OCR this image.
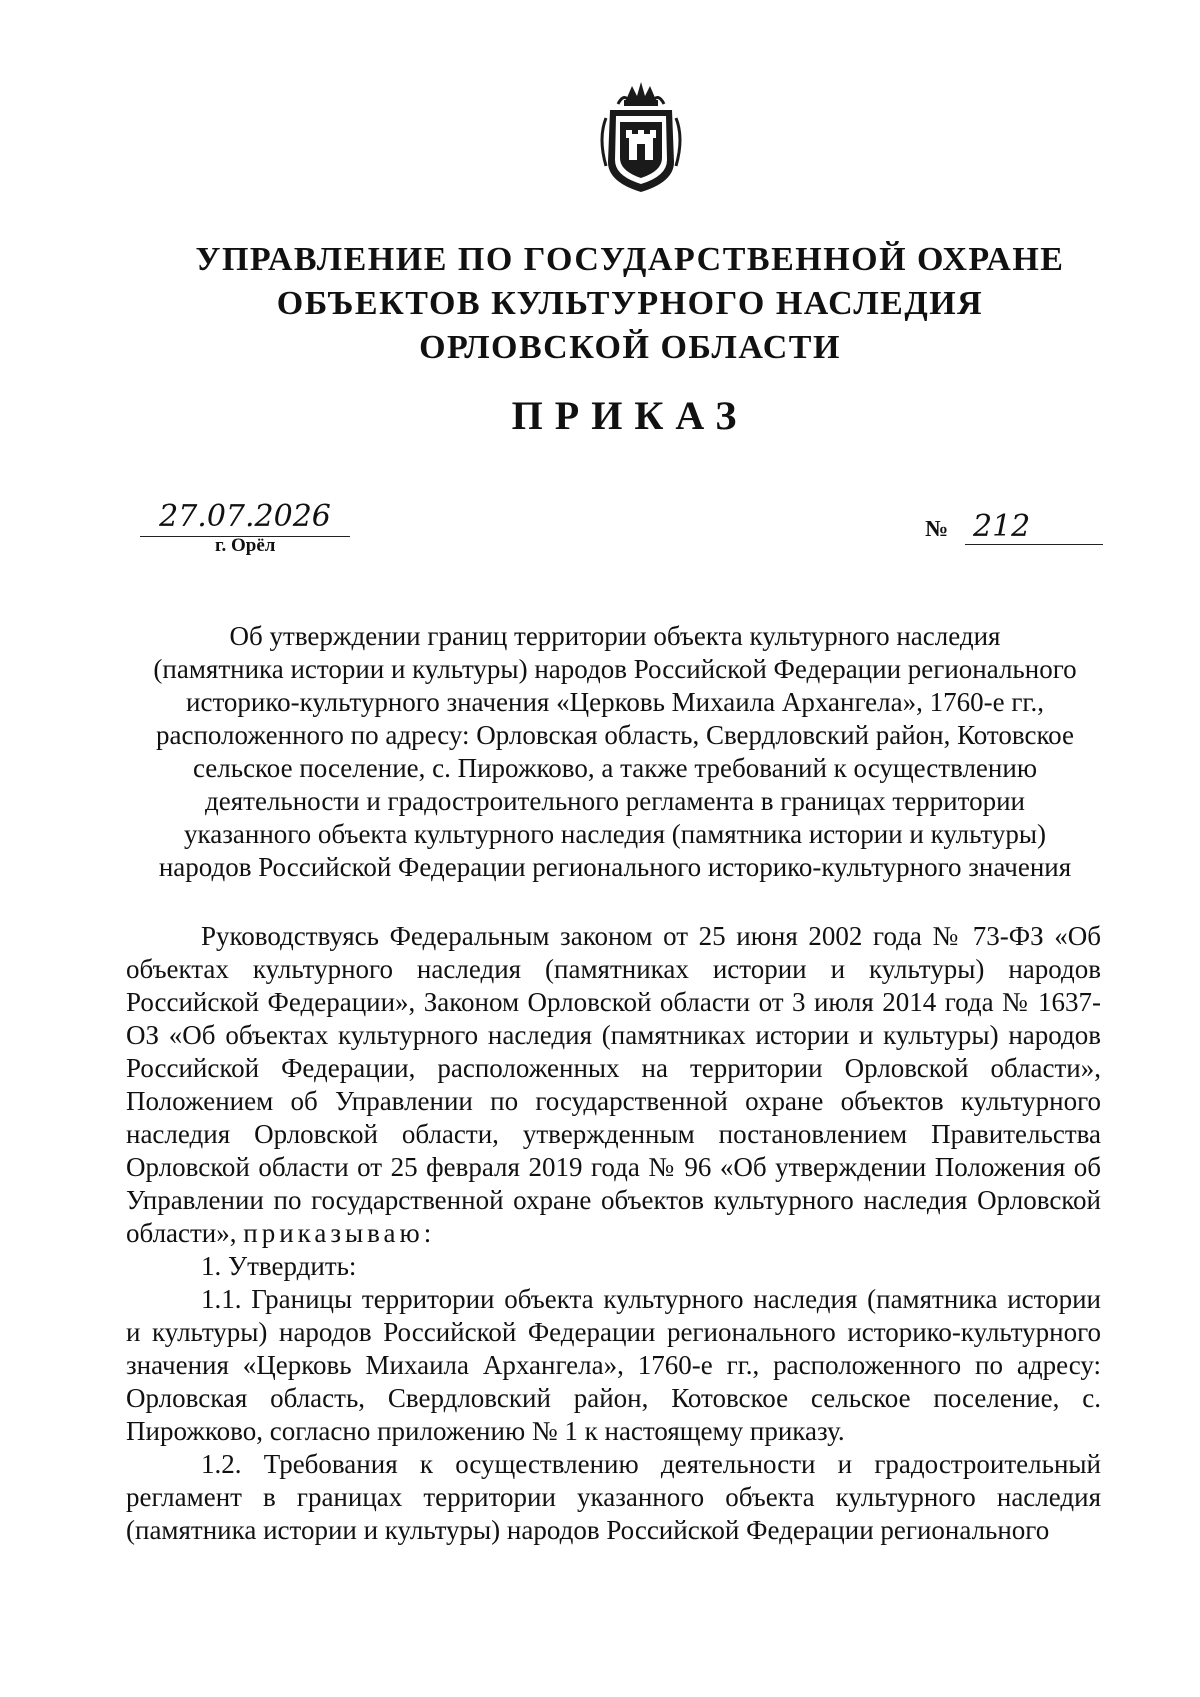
УПРАВЛЕНИЕ ПО ГОСУДАРСТВЕННОЙ ОХРАНЕ
ОБЪЕКТОВ КУЛЬТУРНОГО НАСЛЕДИЯ
ОРЛОВСКОЙ ОБЛАСТИ
ПРИКАЗ
27.07.2026
г. Орёл
№ 212
Об утверждении границ территории объекта культурного наследия
(памятника истории и культуры) народов Российской Федерации регионального
историко-культурного значения «Церковь Михаила Архангела», 1760-е гг.,
расположенного по адресу: Орловская область, Свердловский район, Котовское
сельское поселение, с. Пирожково, а также требований к осуществлению
деятельности и градостроительного регламента в границах территории
указанного объекта культурного наследия (памятника истории и культуры)
народов Российской Федерации регионального историко-культурного значения

Руководствуясь Федеральным законом от 25 июня 2002 года № 73-ФЗ «Об объектах культурного наследия (памятниках истории и культуры) народов Российской Федерации», Законом Орловской области от 3 июля 2014 года № 1637-ОЗ «Об объектах культурного наследия (памятниках истории и культуры) народов Российской Федерации, расположенных на территории Орловской области», Положением об Управлении по государственной охране объектов культурного наследия Орловской области, утвержденным постановлением Правительства Орловской области от 25 февраля 2019 года № 96 «Об утверждении Положения об Управлении по государственной охране объектов культурного наследия Орловской области», приказываю:

1. Утвердить:

1.1. Границы территории объекта культурного наследия (памятника истории и культуры) народов Российской Федерации регионального историко-культурного значения «Церковь Михаила Архангела», 1760-е гг., расположенного по адресу: Орловская область, Свердловский район, Котовское сельское поселение, с. Пирожково, согласно приложению № 1 к настоящему приказу.

1.2. Требования к осуществлению деятельности и градостроительный регламент в границах территории указанного объекта культурного наследия (памятника истории и культуры) народов Российской Федерации регионального
